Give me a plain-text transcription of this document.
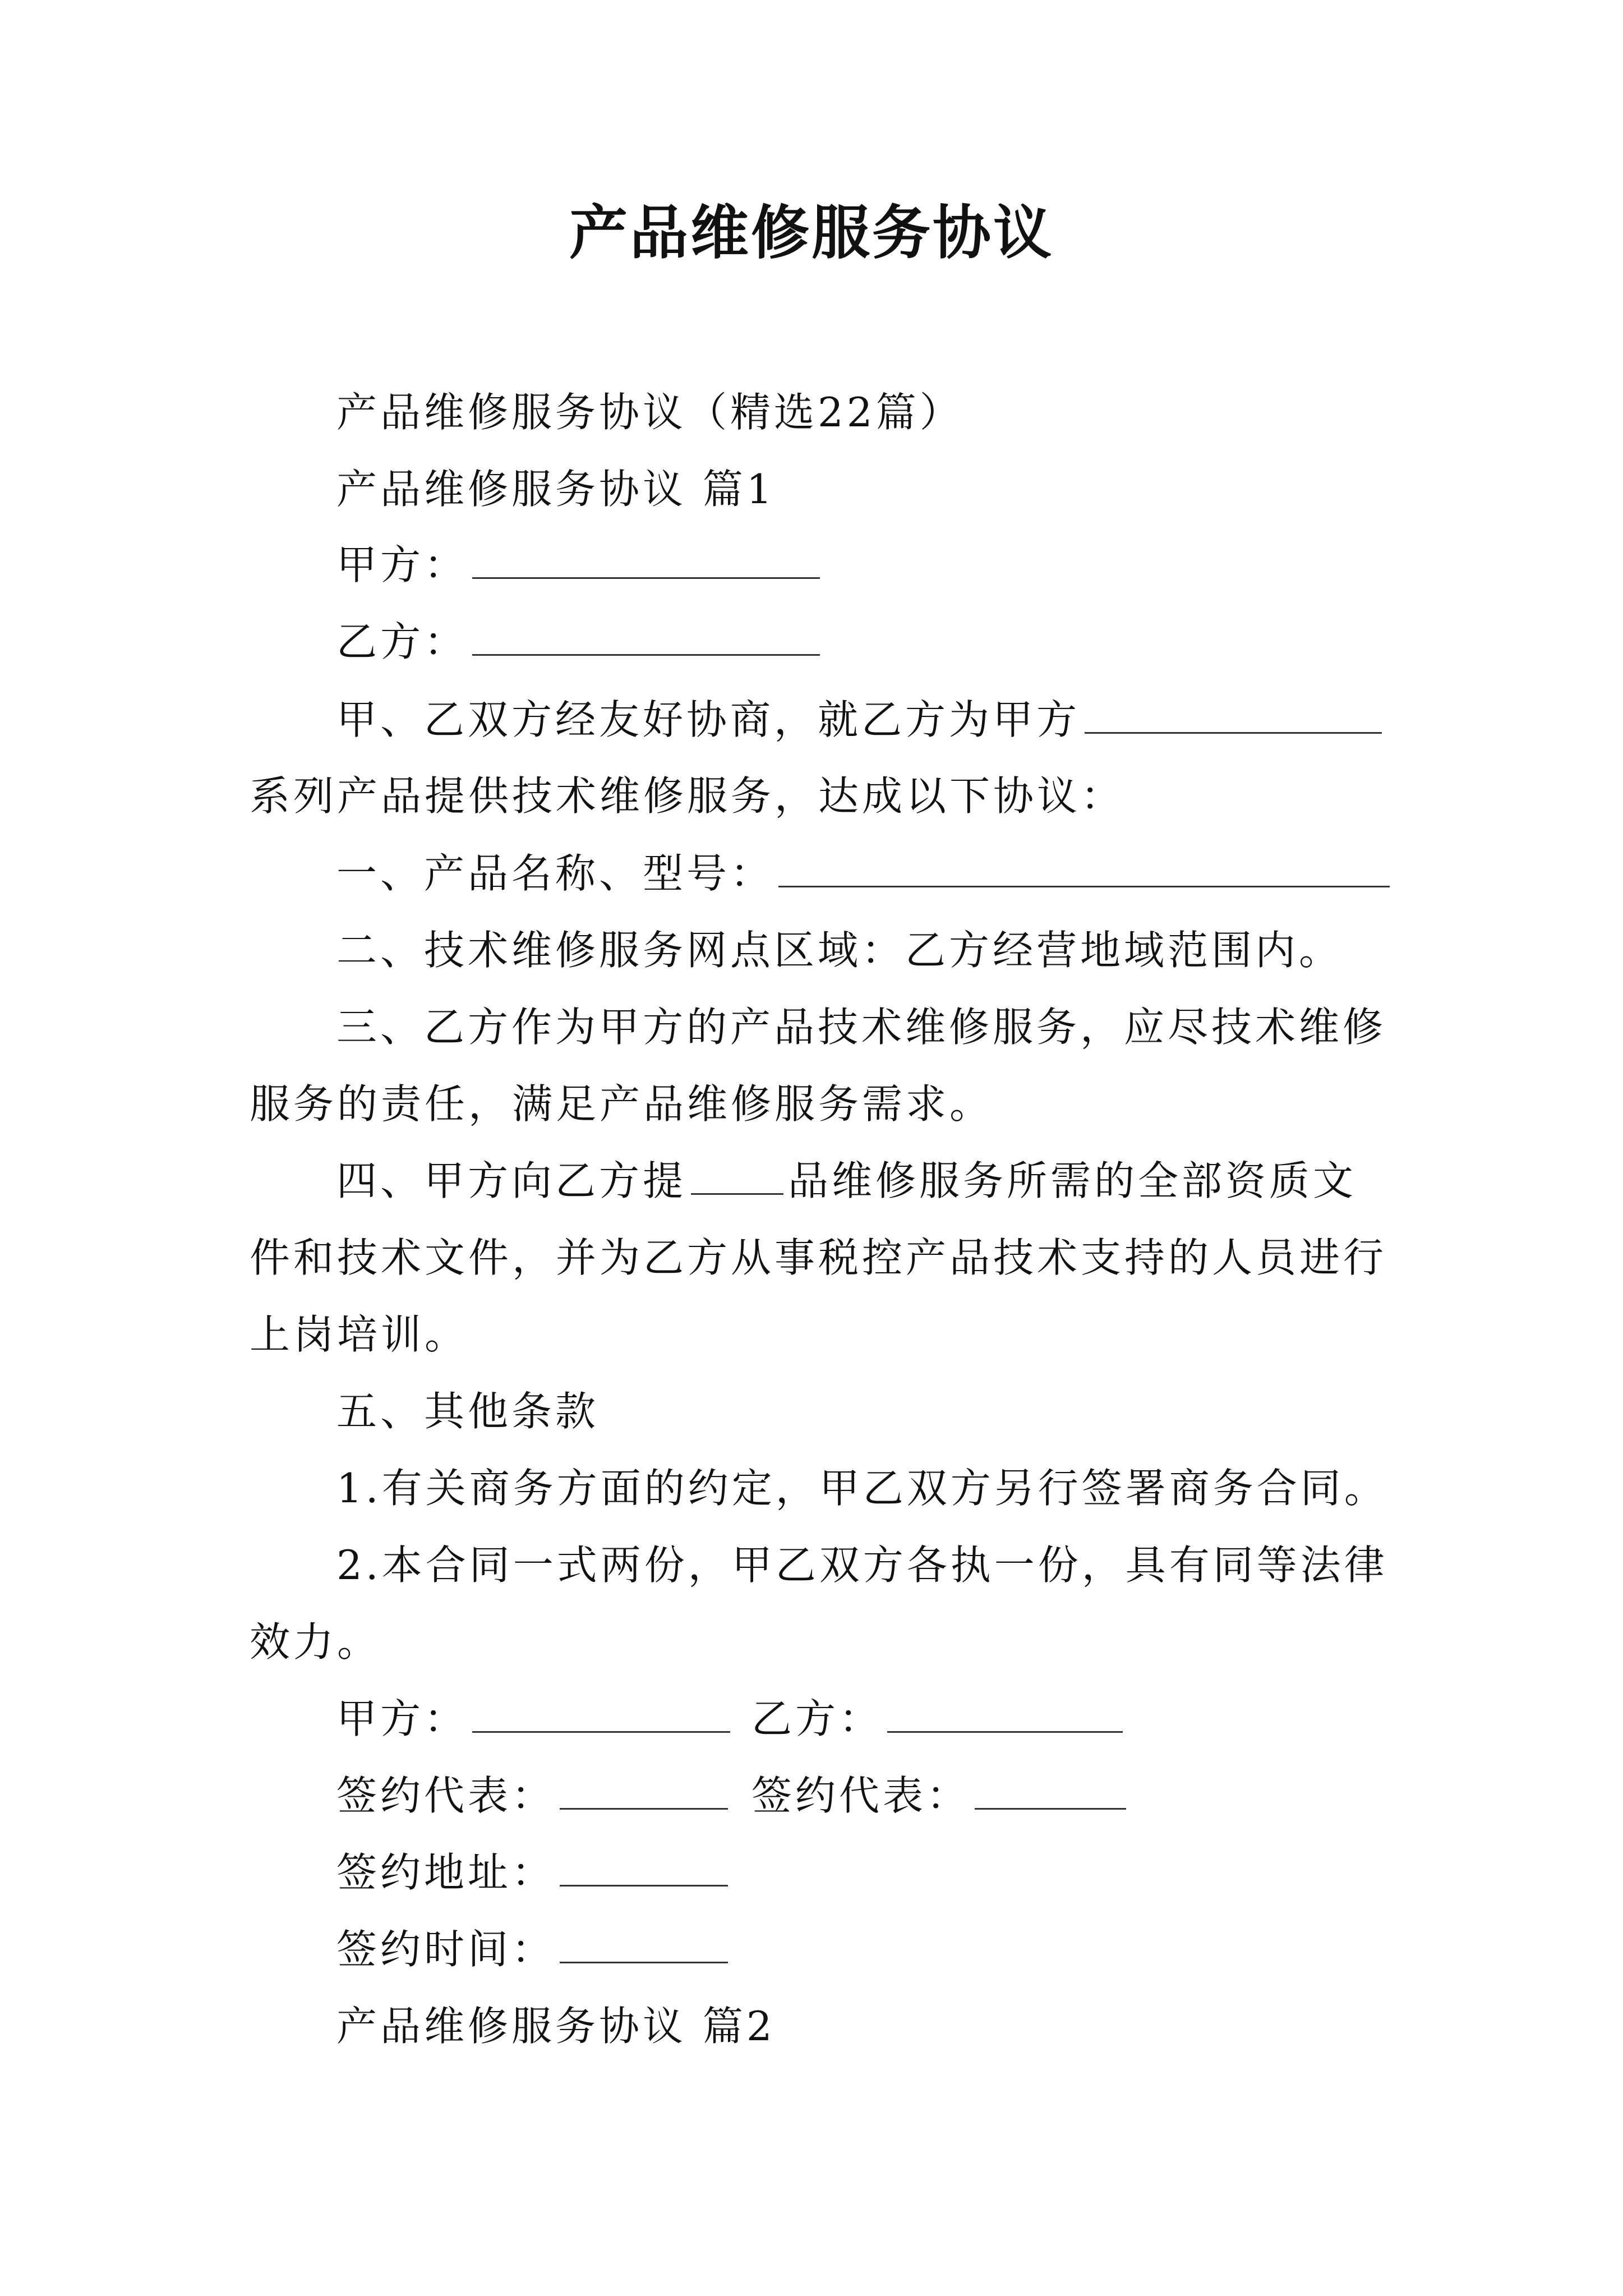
产品维修服务协议
产品维修服务协议（精选22篇）
产品维修服务协议 篇1
甲方：
乙方：
甲、乙双方经友好协商，就乙方为甲方
系列产品提供技术维修服务，达成以下协议：
一、产品名称、型号：
二、技术维修服务网点区域：乙方经营地域范围内。
三、乙方作为甲方的产品技术维修服务，应尽技术维修
服务的责任，满足产品维修服务需求。
四、甲方向乙方提	品维修服务所需的全部资质文
件和技术文件，并为乙方从事税控产品技术支持的人员进行
上岗培训。
五、其他条款
1.有关商务方面的约定，甲乙双方另行签署商务合同。
2.本合同一式两份，甲乙双方各执一份，具有同等法律
效力。
甲方：	乙方：
签约代表：	签约代表：
签约地址：
签约时间：
产品维修服务协议 篇2
